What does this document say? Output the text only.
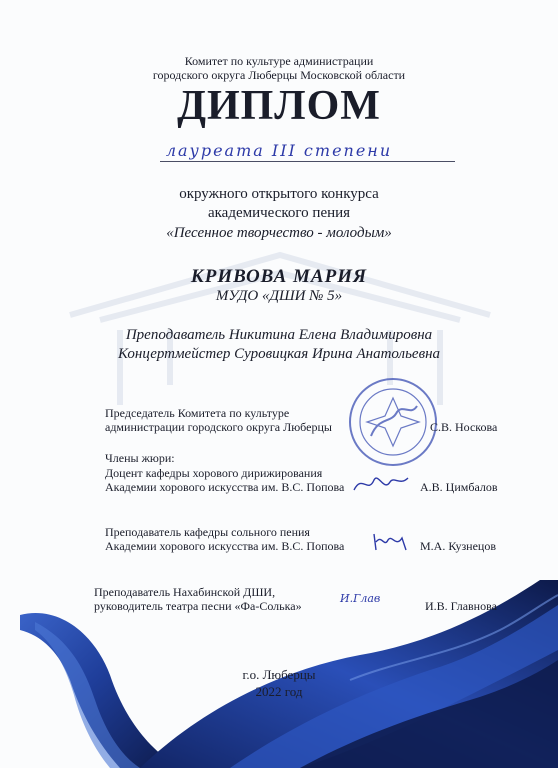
Комитет по культуре администрации
городского округа Люберцы Московской области
ДИПЛОМ
лауреата III степени
окружного открытого конкурса
академического пения
«Песенное творчество - молодым»
КРИВОВА МАРИЯ
МУДО «ДШИ № 5»
Преподаватель Никитина Елена Владимировна
Концертмейстер Суровицкая Ирина Анатольевна
Председатель Комитета по культуре
администрации городского округа Люберцы	С.В. Носкова
Члены жюри:
Доцент кафедры хорового дирижирования
Академии хорового искусства им. В.С. Попова	А.В. Цимбалов
Преподаватель кафедры сольного пения
Академии хорового искусства им. В.С. Попова	М.А. Кузнецов
Преподаватель Нахабинской ДШИ,
руководитель театра песни «Фа-Солька»
И.Глав
И.В. Главнова
г.о. Люберцы
2022 год
